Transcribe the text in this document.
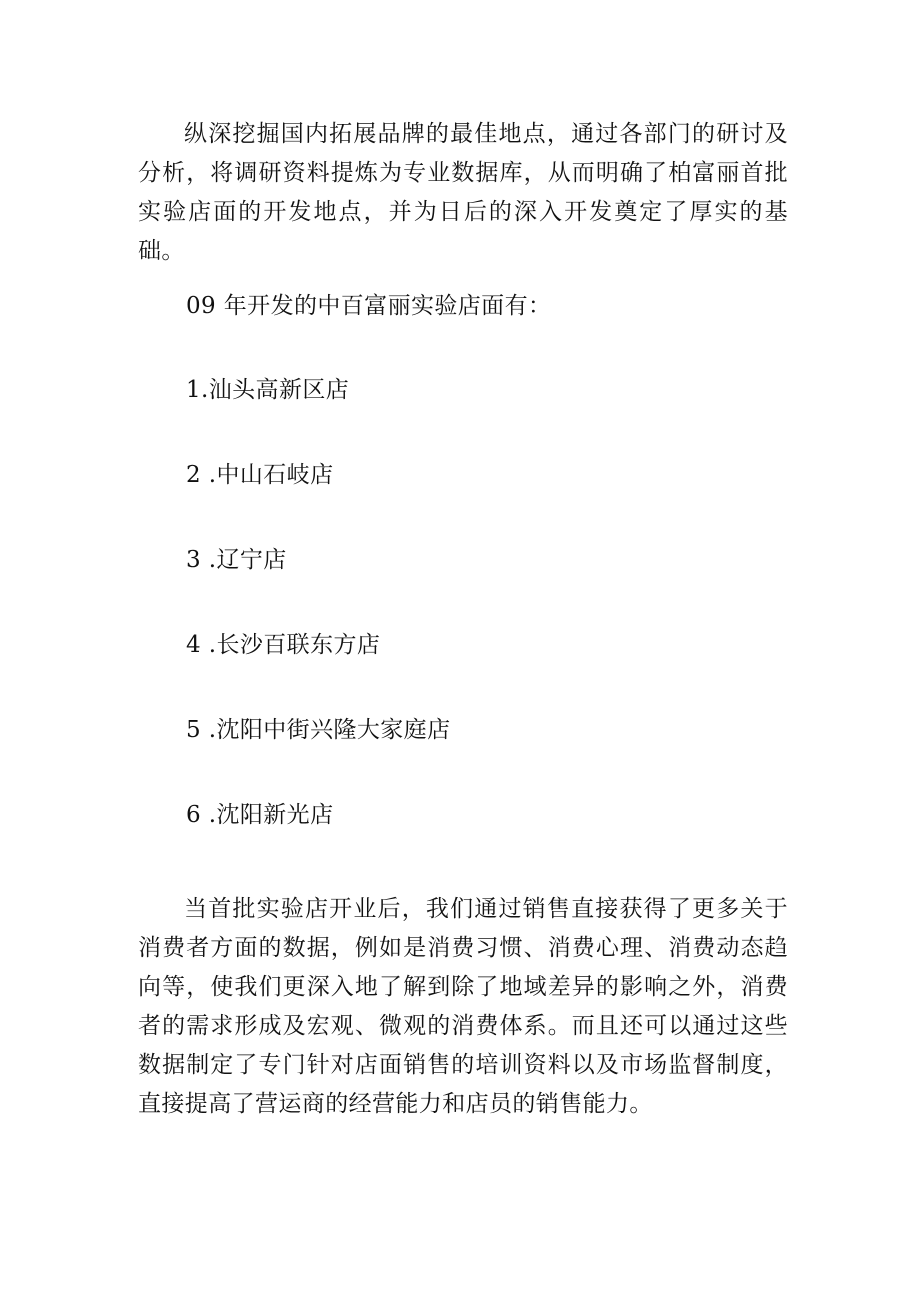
纵深挖掘国内拓展品牌的最佳地点，通过各部门的研讨及分析，将调研资料提炼为专业数据库，从而明确了柏富丽首批实验店面的开发地点，并为日后的深入开发奠定了厚实的基础。

09 年开发的中百富丽实验店面有：

1.汕头高新区店

2 .中山石岐店

3 .辽宁店

4 .长沙百联东方店

5 .沈阳中街兴隆大家庭店

6 .沈阳新光店

当首批实验店开业后，我们通过销售直接获得了更多关于消费者方面的数据，例如是消费习惯、消费心理、消费动态趋向等，使我们更深入地了解到除了地域差异的影响之外，消费者的需求形成及宏观、微观的消费体系。而且还可以通过这些数据制定了专门针对店面销售的培训资料以及市场监督制度，直接提高了营运商的经营能力和店员的销售能力。
